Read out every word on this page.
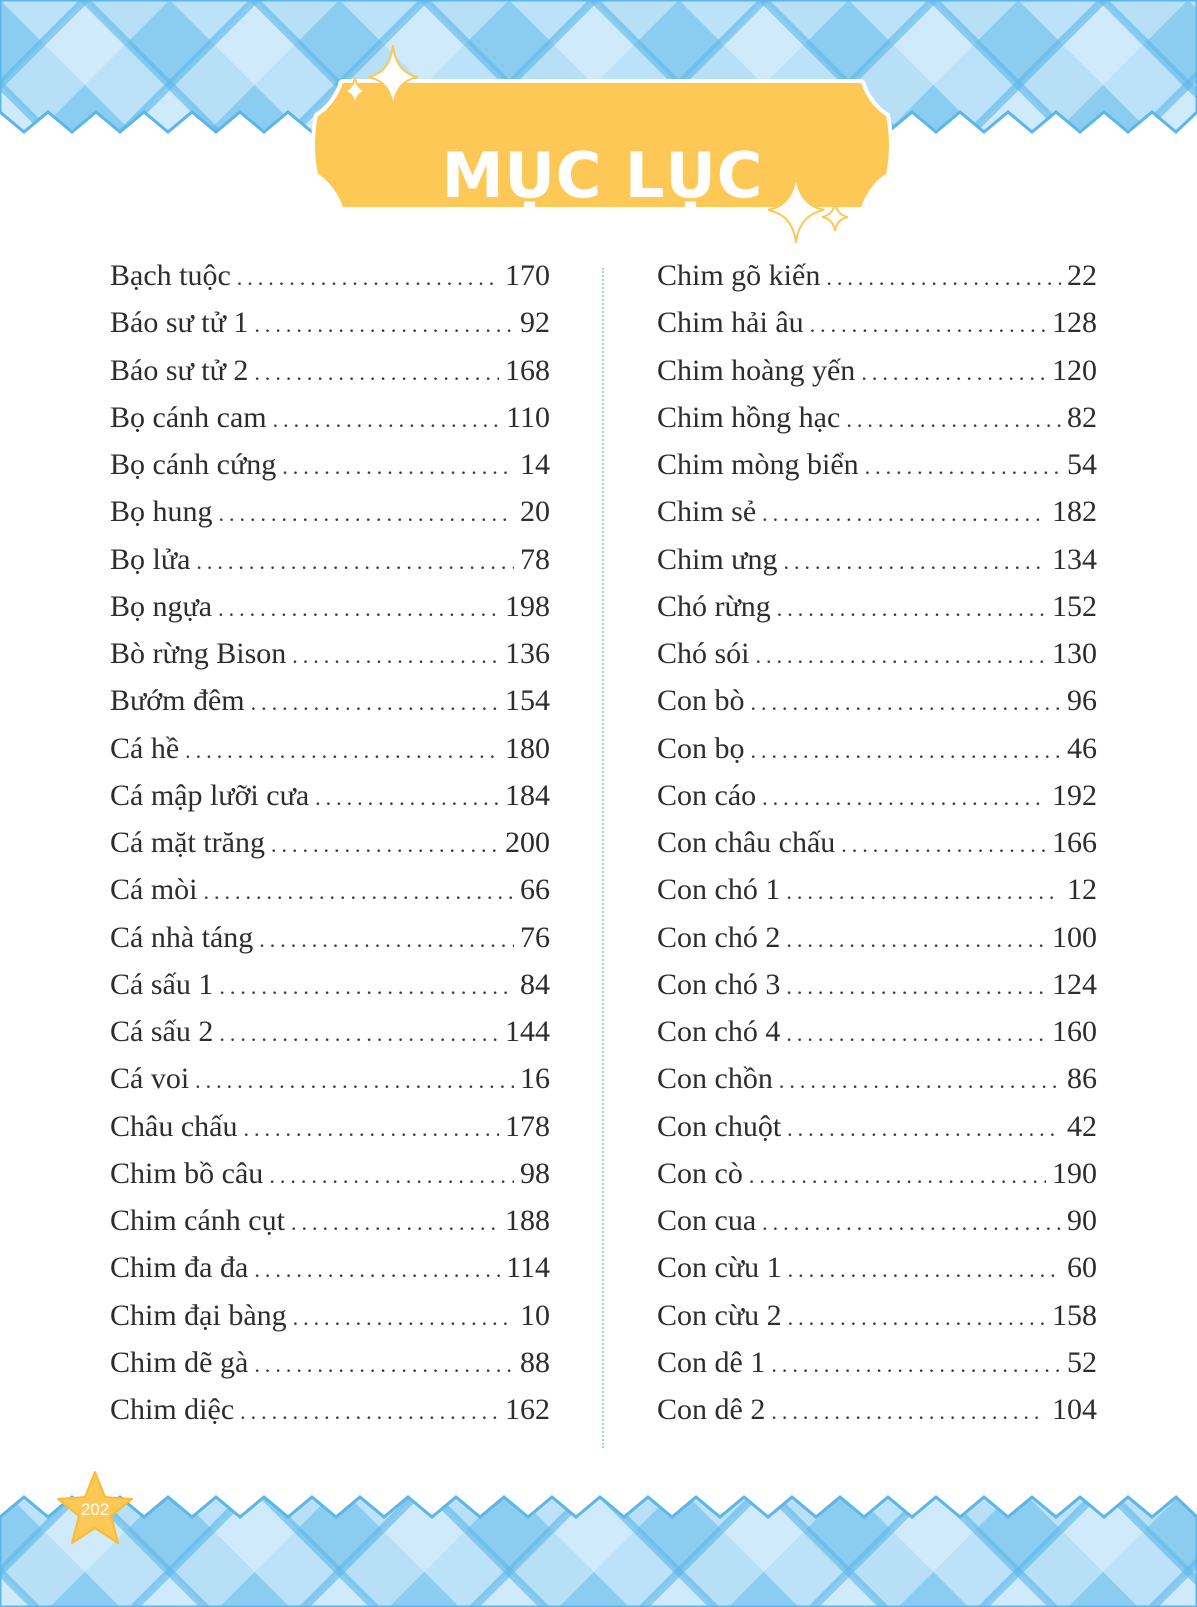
MỤC LỤC
Bạch tuộc .....	170
Báo sư tử 1 .....	92
Báo sư tử 2 .....	168
Bọ cánh cam .....	110
Bọ cánh cứng .....	14
Bọ hung .....	20
Bọ lửa .....	78
Bọ ngựa .....	198
Bò rừng Bison .....	136
Bướm đêm .....	154
Cá hề .....	180
Cá mập lưỡi cưa .....	184
Cá mặt trăng .....	200
Cá mòi .....	66
Cá nhà táng .....	76
Cá sấu 1 .....	84
Cá sấu 2 .....	144
Cá voi .....	16
Châu chấu .....	178
Chim bồ câu .....	98
Chim cánh cụt .....	188
Chim đa đa .....	114
Chim đại bàng .....	10
Chim dẽ gà .....	88
Chim diệc .....	162
Chim gõ kiến .....	22
Chim hải âu .....	128
Chim hoàng yến .....	120
Chim hồng hạc .....	82
Chim mòng biển .....	54
Chim sẻ .....	182
Chim ưng .....	134
Chó rừng .....	152
Chó sói .....	130
Con bò .....	96
Con bọ .....	46
Con cáo .....	192
Con châu chấu .....	166
Con chó 1 .....	12
Con chó 2 .....	100
Con chó 3 .....	124
Con chó 4 .....	160
Con chồn .....	86
Con chuột .....	42
Con cò .....	190
Con cua .....	90
Con cừu 1 .....	60
Con cừu 2 .....	158
Con dê 1 .....	52
Con dê 2 .....	104
202
